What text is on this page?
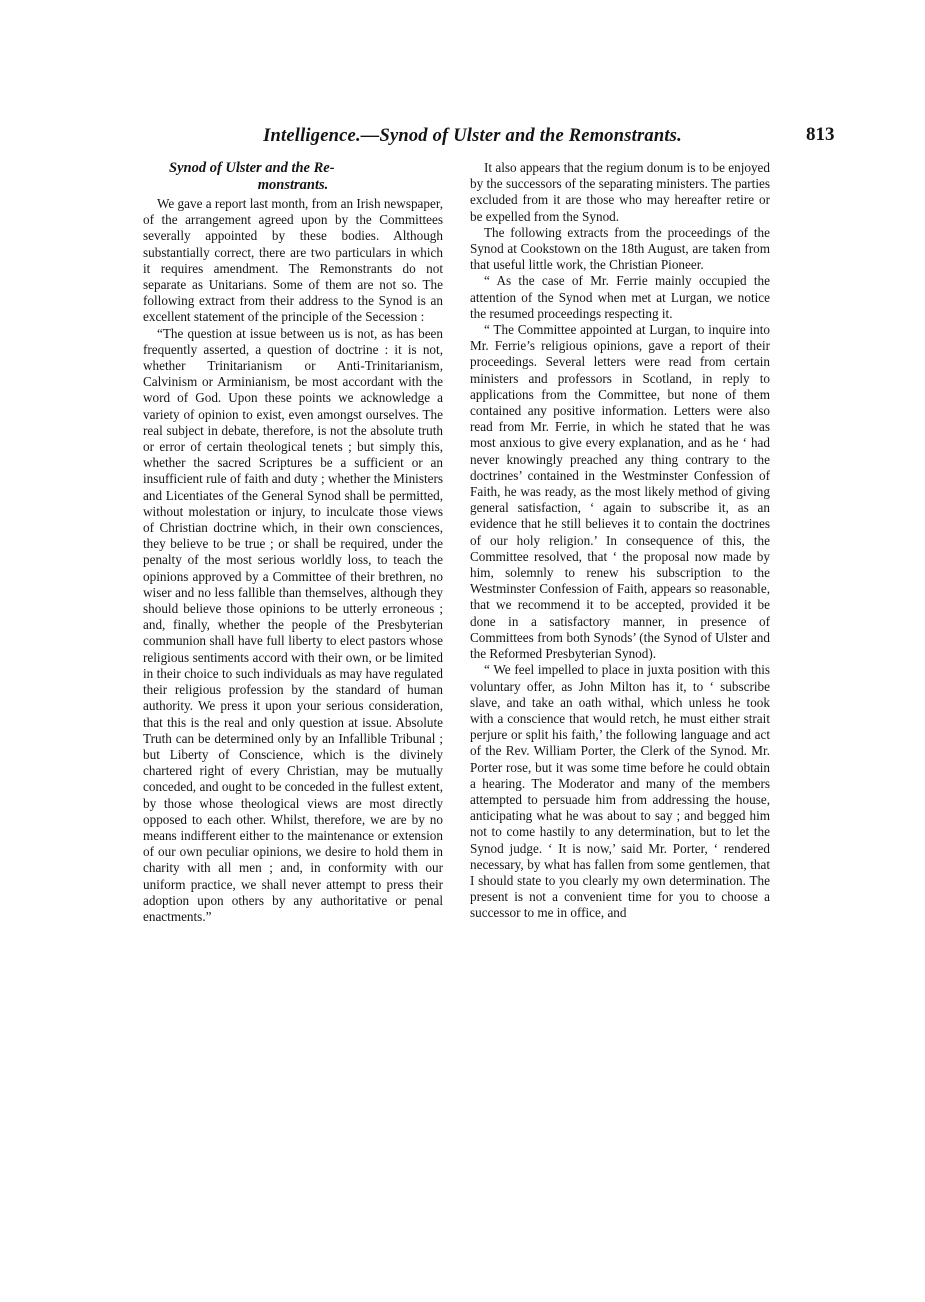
Intelligence.—Synod of Ulster and the Remonstrants.	813
Synod of Ulster and the Re-
monstrants.

We gave a report last month, from an Irish newspaper, of the arrangement agreed upon by the Committees severally appointed by these bodies. Although substantially correct, there are two particulars in which it requires amendment. The Remonstrants do not separate as Unitarians. Some of them are not so. The following extract from their address to the Synod is an excellent statement of the principle of the Secession :

“The question at issue between us is not, as has been frequently asserted, a question of doctrine : it is not, whether Trinitarianism or Anti-Trinitarianism, Calvinism or Arminianism, be most accordant with the word of God. Upon these points we acknowledge a variety of opinion to exist, even amongst ourselves. The real subject in debate, therefore, is not the absolute truth or error of certain theological tenets ; but simply this, whether the sacred Scriptures be a sufficient or an insufficient rule of faith and duty ; whether the Ministers and Licentiates of the General Synod shall be permitted, without molestation or injury, to inculcate those views of Christian doctrine which, in their own consciences, they believe to be true ; or shall be required, under the penalty of the most serious worldly loss, to teach the opinions approved by a Committee of their brethren, no wiser and no less fallible than themselves, although they should believe those opinions to be utterly erroneous ; and, finally, whether the people of the Presbyterian communion shall have full liberty to elect pastors whose religious sentiments accord with their own, or be limited in their choice to such individuals as may have regulated their religious profession by the standard of human authority. We press it upon your serious consideration, that this is the real and only question at issue. Absolute Truth can be determined only by an Infallible Tribunal ; but Liberty of Conscience, which is the divinely chartered right of every Christian, may be mutually conceded, and ought to be conceded in the fullest extent, by those whose theological views are most directly opposed to each other. Whilst, therefore, we are by no means indifferent either to the maintenance or extension of our own peculiar opinions, we desire to hold them in charity with all men ; and, in conformity with our uniform practice, we shall never attempt to press their adoption upon others by any authoritative or penal enactments.”

It also appears that the regium donum is to be enjoyed by the successors of the separating ministers. The parties excluded from it are those who may hereafter retire or be expelled from the Synod.

The following extracts from the proceedings of the Synod at Cookstown on the 18th August, are taken from that useful little work, the Christian Pioneer.

“ As the case of Mr. Ferrie mainly occupied the attention of the Synod when met at Lurgan, we notice the resumed proceedings respecting it.

“ The Committee appointed at Lurgan, to inquire into Mr. Ferrie’s religious opinions, gave a report of their proceedings. Several letters were read from certain ministers and professors in Scotland, in reply to applications from the Committee, but none of them contained any positive information. Letters were also read from Mr. Ferrie, in which he stated that he was most anxious to give every explanation, and as he ‘ had never knowingly preached any thing contrary to the doctrines’ contained in the Westminster Confession of Faith, he was ready, as the most likely method of giving general satisfaction, ‘ again to subscribe it, as an evidence that he still believes it to contain the doctrines of our holy religion.’ In consequence of this, the Committee resolved, that ‘ the proposal now made by him, solemnly to renew his subscription to the Westminster Confession of Faith, appears so reasonable, that we recommend it to be accepted, provided it be done in a satisfactory manner, in presence of Committees from both Synods’ (the Synod of Ulster and the Reformed Presbyterian Synod).

“ We feel impelled to place in juxta position with this voluntary offer, as John Milton has it, to ‘ subscribe slave, and take an oath withal, which unless he took with a conscience that would retch, he must either strait perjure or split his faith,’ the following language and act of the Rev. William Porter, the Clerk of the Synod. Mr. Porter rose, but it was some time before he could obtain a hearing. The Moderator and many of the members attempted to persuade him from addressing the house, anticipating what he was about to say ; and begged him not to come hastily to any determination, but to let the Synod judge. ‘ It is now,’ said Mr. Porter, ‘ rendered necessary, by what has fallen from some gentlemen, that I should state to you clearly my own determination. The present is not a convenient time for you to choose a successor to me in office, and
